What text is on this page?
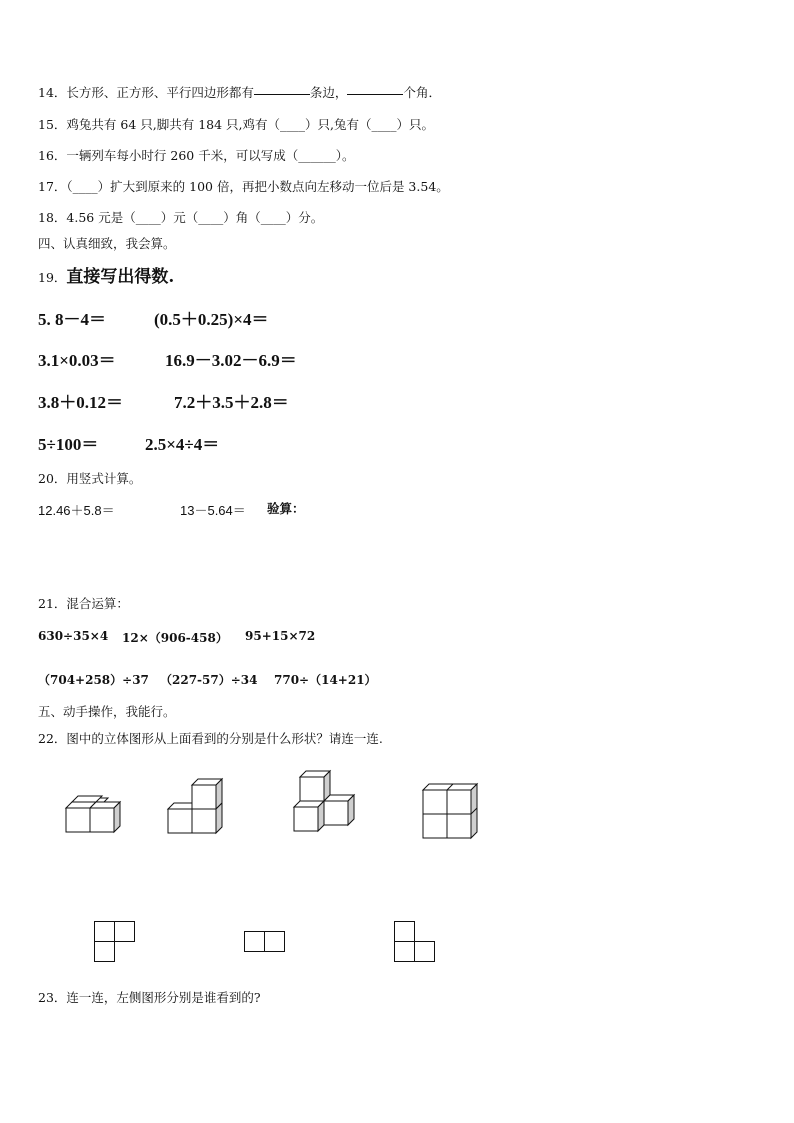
14．长方形、正方形、平行四边形都有	条边，	个角．
15．鸡兔共有 64 只,脚共有 184 只,鸡有（____）只,兔有（____）只。
16．一辆列车每小时行 260 千米，可以写成（______）。
17．（____）扩大到原来的 100 倍，再把小数点向左移动一位后是 3.54。
18．4.56 元是（____）元（____）角（____）分。
四、认真细致，我会算。
19．直接写出得数.
5. 8－4＝	(0.5＋0.25)×4＝
3.1×0.03＝	16.9－3.02－6.9＝
3.8＋0.12＝	7.2＋3.5＋2.8＝
5÷100＝	2.5×4÷4＝
20．用竖式计算。
12.46＋5.8＝	13－5.64＝ 验算：
21．混合运算：
630÷35×4 12×（906-458） 95+15×72
（704+258）÷37 （227-57）÷34 770÷（14+21）
五、动手操作，我能行。
22．图中的立体图形从上面看到的分别是什么形状？请连一连.
23．连一连，左侧图形分别是谁看到的?
